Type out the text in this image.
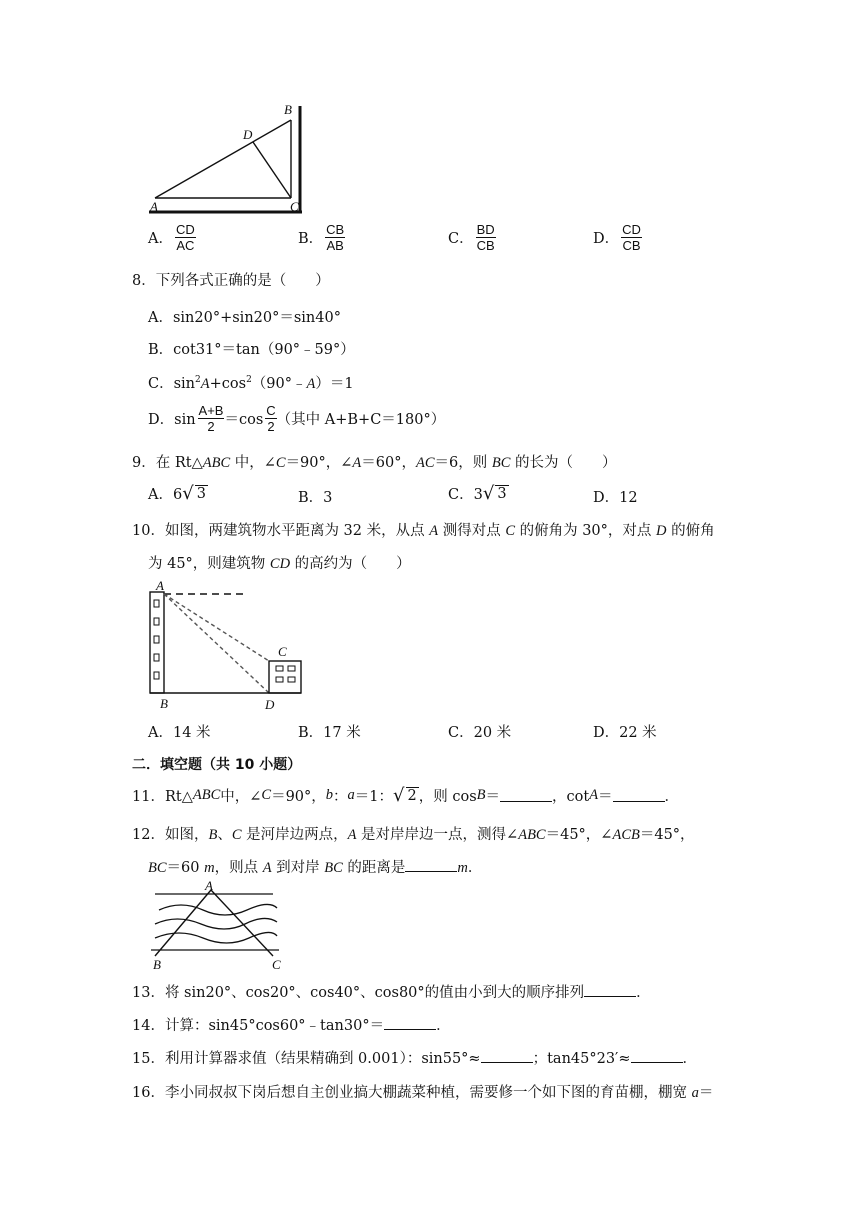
B
D
A	C
A． $\frac{CD}{AC}$	B． $\frac{CB}{AB}$	C． $\frac{BD}{CB}$	D． $\frac{CD}{CB}$
8．下列各式正确的是（　　）
A．sin20°+sin20°＝sin40°
B．cot31°＝tan（90°﹣59°）
C．$\sin^2A+\cos^2(90^\circ﹣A)=1$
D．$\sin \frac{A+B}{2} =\cos \frac{C}{2}$ （其中 A+B+C＝180°）
9．在 Rt△ABC 中，∠C＝90°，∠A＝60°，AC＝6，则 BC 的长为（　　）
A．6 √ 3	B．3	C．3 √ 3	D．12
10．如图，两建筑物水平距离为 32 米，从点 A 测得对点 C 的俯角为 30°，对点 D 的俯角
为 45°，则建筑物 CD 的高约为（　　）
A
C
B	D
A．14 米	B．17 米	C．20 米	D．22 米
二．填空题（共 10 小题）
11．Rt△ ABC 中，∠ C ＝90°， b ： a ＝1： √ 2 ，则 cos B ＝	，cot A ＝	．
12．如图，B、C 是河岸边两点，A 是对岸岸边一点，测得∠ABC＝45°，∠ACB＝45°，
BC＝60 m，则点 A 到对岸 BC 的距离是	m．
A
B	C
13．将 sin20°、cos20°、cos40°、cos80°的值由小到大的顺序排列	．
14．计算：sin45°cos60°﹣tan30°＝	．
15．利用计算器求值（结果精确到 0.001）：sin55°≈	；tan45°23′≈	．
16．李小同叔叔下岗后想自主创业搞大棚蔬菜种植，需要修一个如下图的育苗棚，棚宽 a＝
